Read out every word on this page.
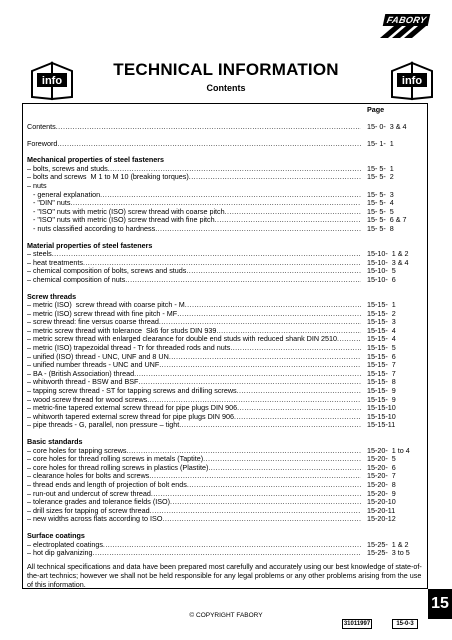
FABORY
info	info
TECHNICAL INFORMATION
Contents
Page
Contents .....	15- 0-  3 & 4
Foreword .....	15- 1-  1
Mechanical properties of steel fasteners
– bolts, screws and studs .....	15- 5-  1
– bolts and screws  M 1 to M 10 (breaking torques) .....	15- 5-  2
– nuts
- general explanation .....	15- 5-  3
- "DIN" nuts .....	15- 5-  4
- "ISO" nuts with metric (ISO) screw thread with coarse pitch .....	15- 5-  5
- "ISO" nuts with metric (ISO) screw thread with fine pitch .....	15- 5-  6 & 7
- nuts classified according to hardness .....	15- 5-  8
Material properties of steel fasteners
– steels .....	15-10-  1 & 2
– heat treatments .....	15-10-  3 & 4
– chemical composition of bolts, screws and studs .....	15-10-  5
– chemical composition of nuts .....	15-10-  6
Screw threads
– metric (ISO)  screw thread with coarse pitch - M .....	15-15-  1
– metric (ISO) screw thread with fine pitch - MF .....	15-15-  2
– screw thread: fine versus coarse thread .....	15-15-  3
– metric screw thread with tolerance  Sk6 for studs DIN 939 .....	15-15-  4
– metric screw thread with enlarged clearance for double end studs with reduced shank DIN 2510 .....	15-15-  4
– metric (ISO) trapezoidal thread - Tr for threaded rods and nuts .....	15-15-  5
– unified (ISO) thread - UNC, UNF and 8 UN .....	15-15-  6
– unified number threads - UNC and UNF .....	15-15-  7
– BA - (British Association) thread .....	15-15-  7
– whitworth thread - BSW and BSF .....	15-15-  8
– tapping screw thread - ST for tapping screws and drilling screws .....	15-15-  9
– wood screw thread for wood screws .....	15-15-  9
– metric-fine tapered external screw thread for pipe plugs DIN 906 .....	15-15-10
– whitworth tapered external screw thread for pipe plugs DIN 906 .....	15-15-10
– pipe threads - G, parallel, non pressure – tight .....	15-15-11
Basic standards
– core holes for tapping screws .....	15-20-  1 to 4
– core holes for thread rolling screws in metals (Taptite) .....	15-20-  5
– core holes for thread rolling screws in plastics (Plastite) .....	15-20-  6
– clearance holes for bolts and screws .....	15-20-  7
– thread ends and length of projection of bolt ends .....	15-20-  8
– run-out and undercut of screw thread .....	15-20-  9
– tolerance grades and tolerance fields (ISO) .....	15-20-10
– drill sizes for tapping of screw thread .....	15-20-11
– new widths across flats according to ISO .....	15-20-12
Surface coatings
– electroplated coatings .....	15-25-  1 & 2
– hot dip galvanizing .....	15-25-  3 to 5
All technical specifications and data have been prepared most carefully and accurately using our best knowledge of state-of-the-art technics; however we shall not be held responsible for any legal problems or any other problems arising from the use of this information.
© COPYRIGHT FABORY
31011997	15-0-3
15
